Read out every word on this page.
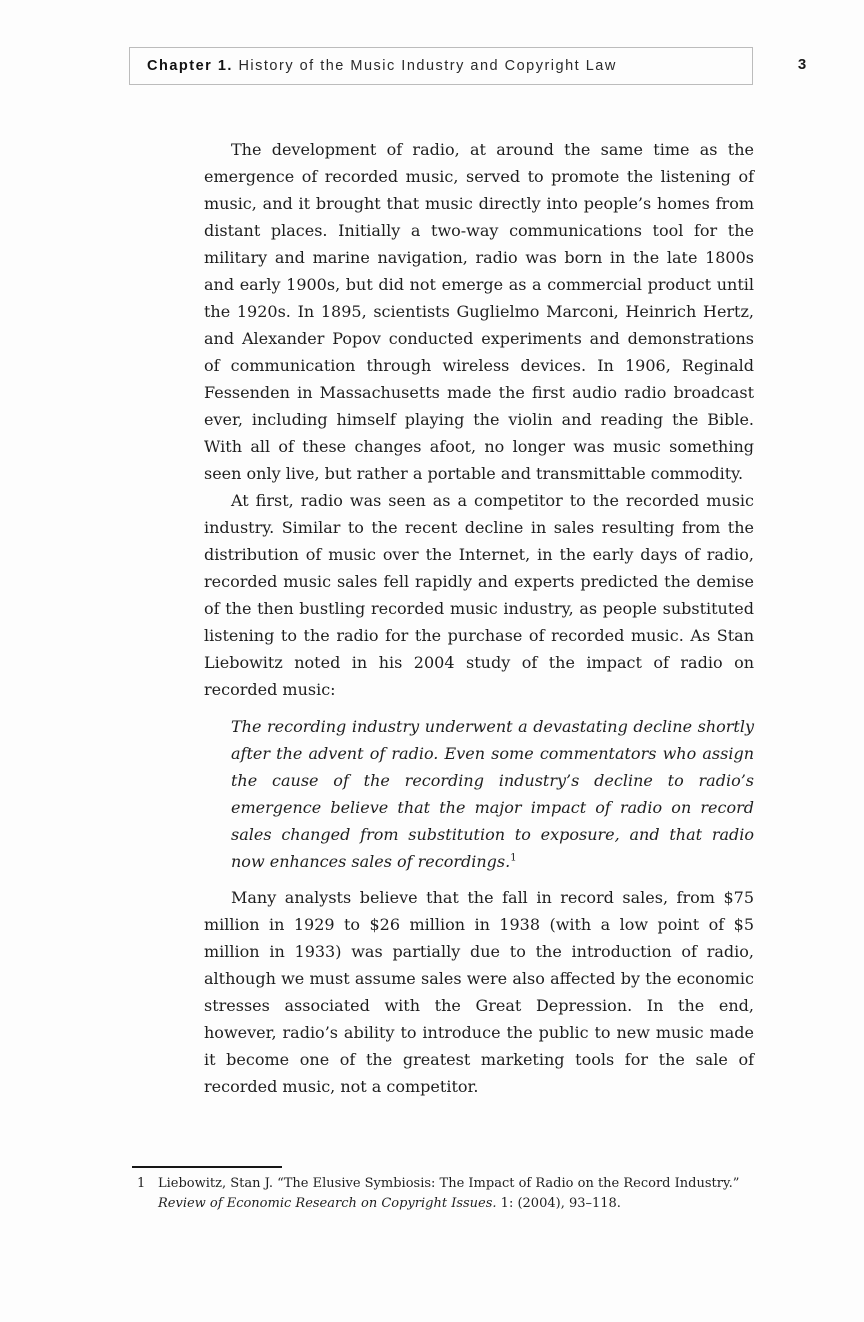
Chapter 1. History of the Music Industry and Copyright Law	3

The development of radio, at around the same time as the emergence of recorded music, served to promote the listening of music, and it brought that music directly into people’s homes from distant places. Initially a two-way communications tool for the military and marine navigation, radio was born in the late 1800s and early 1900s, but did not emerge as a commercial product until the 1920s. In 1895, scientists Guglielmo Marconi, Heinrich Hertz, and Alexander Popov conducted experiments and demonstrations of communication through wireless devices. In 1906, Reginald Fessenden in Massachusetts made the first audio radio broadcast ever, including himself playing the violin and reading the Bible. With all of these changes afoot, no longer was music something seen only live, but rather a portable and transmittable commodity.

At first, radio was seen as a competitor to the recorded music industry. Similar to the recent decline in sales resulting from the distribution of music over the Internet, in the early days of radio, recorded music sales fell rapidly and experts predicted the demise of the then bustling recorded music industry, as people substituted listening to the radio for the purchase of recorded music. As Stan Liebowitz noted in his 2004 study of the impact of radio on recorded music:

The recording industry underwent a devastating decline shortly after the advent of radio. Even some commentators who assign the cause of the recording industry’s decline to radio’s emergence believe that the major impact of radio on record sales changed from substitution to exposure, and that radio now enhances sales of recordings.$^1$

Many analysts believe that the fall in record sales, from $75 million in 1929 to $26 million in 1938 (with a low point of $5 million in 1933) was partially due to the introduction of radio, although we must assume sales were also affected by the economic stresses associated with the Great Depression. In the end, however, radio’s ability to introduce the public to new music made it become one of the greatest marketing tools for the sale of recorded music, not a competitor.

1 Liebowitz, Stan J. “The Elusive Symbiosis: The Impact of Radio on the Record Industry.” Review of Economic Research on Copyright Issues. 1: (2004), 93–118.
